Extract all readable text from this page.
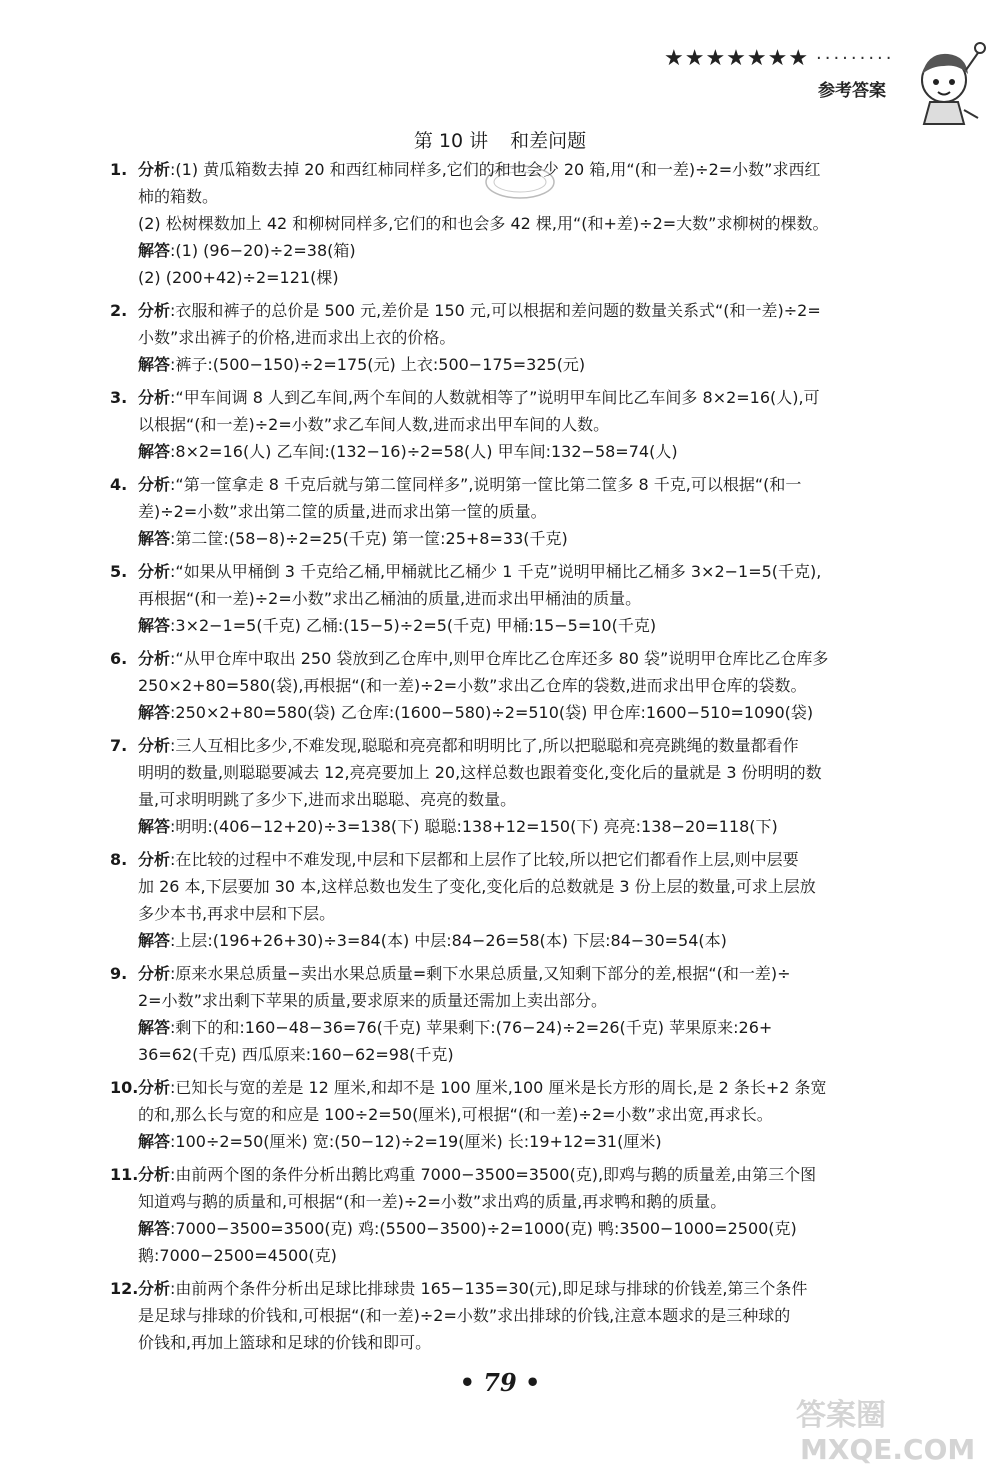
★★★★★★★ ·········
参考答案
第 10 讲 和差问题
1. 分析:(1) 黄瓜箱数去掉 20 和西红柿同样多,它们的和也会少 20 箱,用“(和一差)÷2=小数”求西红
柿的箱数。
(2) 松树棵数加上 42 和柳树同样多,它们的和也会多 42 棵,用“(和+差)÷2=大数”求柳树的棵数。
解答:(1) (96−20)÷2=38(箱)
(2) (200+42)÷2=121(棵)
2. 分析:衣服和裤子的总价是 500 元,差价是 150 元,可以根据和差问题的数量关系式“(和一差)÷2=
小数”求出裤子的价格,进而求出上衣的价格。
解答:裤子:(500−150)÷2=175(元) 上衣:500−175=325(元)
3. 分析:“甲车间调 8 人到乙车间,两个车间的人数就相等了”说明甲车间比乙车间多 8×2=16(人),可
以根据“(和一差)÷2=小数”求乙车间人数,进而求出甲车间的人数。
解答:8×2=16(人) 乙车间:(132−16)÷2=58(人) 甲车间:132−58=74(人)
4. 分析:“第一筐拿走 8 千克后就与第二筐同样多”,说明第一筐比第二筐多 8 千克,可以根据“(和一
差)÷2=小数”求出第二筐的质量,进而求出第一筐的质量。
解答:第二筐:(58−8)÷2=25(千克) 第一筐:25+8=33(千克)
5. 分析:“如果从甲桶倒 3 千克给乙桶,甲桶就比乙桶少 1 千克”说明甲桶比乙桶多 3×2−1=5(千克),
再根据“(和一差)÷2=小数”求出乙桶油的质量,进而求出甲桶油的质量。
解答:3×2−1=5(千克) 乙桶:(15−5)÷2=5(千克) 甲桶:15−5=10(千克)
6. 分析:“从甲仓库中取出 250 袋放到乙仓库中,则甲仓库比乙仓库还多 80 袋”说明甲仓库比乙仓库多
250×2+80=580(袋),再根据“(和一差)÷2=小数”求出乙仓库的袋数,进而求出甲仓库的袋数。
解答:250×2+80=580(袋) 乙仓库:(1600−580)÷2=510(袋) 甲仓库:1600−510=1090(袋)
7. 分析:三人互相比多少,不难发现,聪聪和亮亮都和明明比了,所以把聪聪和亮亮跳绳的数量都看作
明明的数量,则聪聪要减去 12,亮亮要加上 20,这样总数也跟着变化,变化后的量就是 3 份明明的数
量,可求明明跳了多少下,进而求出聪聪、亮亮的数量。
解答:明明:(406−12+20)÷3=138(下) 聪聪:138+12=150(下) 亮亮:138−20=118(下)
8. 分析:在比较的过程中不难发现,中层和下层都和上层作了比较,所以把它们都看作上层,则中层要
加 26 本,下层要加 30 本,这样总数也发生了变化,变化后的总数就是 3 份上层的数量,可求上层放
多少本书,再求中层和下层。
解答:上层:(196+26+30)÷3=84(本) 中层:84−26=58(本) 下层:84−30=54(本)
9. 分析:原来水果总质量−卖出水果总质量=剩下水果总质量,又知剩下部分的差,根据“(和一差)÷
2=小数”求出剩下苹果的质量,要求原来的质量还需加上卖出部分。
解答:剩下的和:160−48−36=76(千克) 苹果剩下:(76−24)÷2=26(千克) 苹果原来:26+
36=62(千克) 西瓜原来:160−62=98(千克)
10. 分析:已知长与宽的差是 12 厘米,和却不是 100 厘米,100 厘米是长方形的周长,是 2 条长+2 条宽
的和,那么长与宽的和应是 100÷2=50(厘米),可根据“(和一差)÷2=小数”求出宽,再求长。
解答:100÷2=50(厘米) 宽:(50−12)÷2=19(厘米) 长:19+12=31(厘米)
11. 分析:由前两个图的条件分析出鹅比鸡重 7000−3500=3500(克),即鸡与鹅的质量差,由第三个图
知道鸡与鹅的质量和,可根据“(和一差)÷2=小数”求出鸡的质量,再求鸭和鹅的质量。
解答:7000−3500=3500(克) 鸡:(5500−3500)÷2=1000(克) 鸭:3500−1000=2500(克)
鹅:7000−2500=4500(克)
12. 分析:由前两个条件分析出足球比排球贵 165−135=30(元),即足球与排球的价钱差,第三个条件
是足球与排球的价钱和,可根据“(和一差)÷2=小数”求出排球的价钱,注意本题求的是三种球的
价钱和,再加上篮球和足球的价钱和即可。
• 79 •
答案圈
MXQE.COM
